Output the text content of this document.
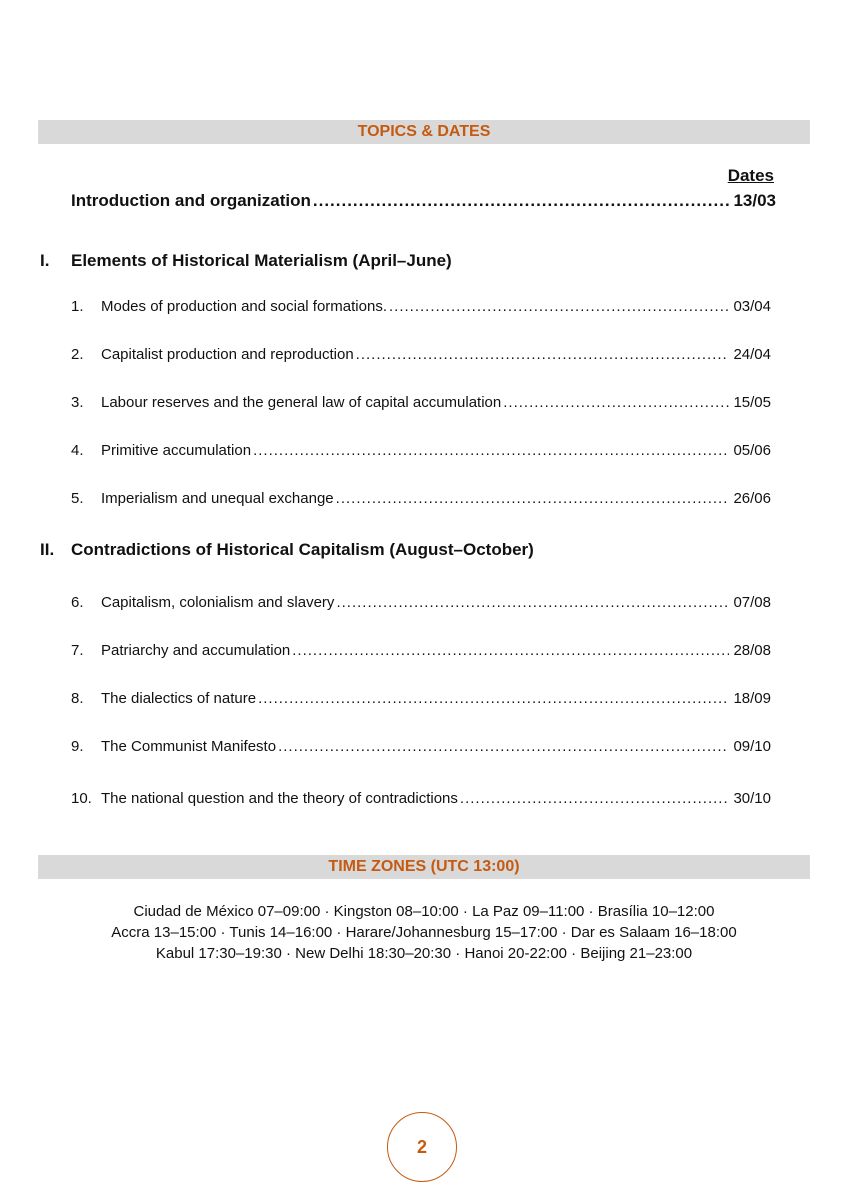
TOPICS & DATES
Dates
Introduction and organization .....	13/03
I.	Elements of Historical Materialism (April–June)
1.	Modes of production and social formations. .....	03/04
2.	Capitalist production and reproduction .....	24/04
3.	Labour reserves and the general law of capital accumulation .....	15/05
4.	Primitive accumulation .....	05/06
5.	Imperialism and unequal exchange .....	26/06
II. Contradictions of Historical Capitalism (August–October)
6.	Capitalism, colonialism and slavery .....	07/08
7.	Patriarchy and accumulation .....	28/08
8.	The dialectics of nature .....	18/09
9.	The Communist Manifesto .....	09/10
10. The national question and the theory of contradictions .....	30/10
TIME ZONES (UTC 13:00)
Ciudad de México 07–09:00 · Kingston 08–10:00 · La Paz 09–11:00 · Brasília 10–12:00
Accra 13–15:00 · Tunis 14–16:00 · Harare/Johannesburg 15–17:00 · Dar es Salaam 16–18:00
Kabul 17:30–19:30 · New Delhi 18:30–20:30 · Hanoi 20-22:00 · Beijing 21–23:00
2
